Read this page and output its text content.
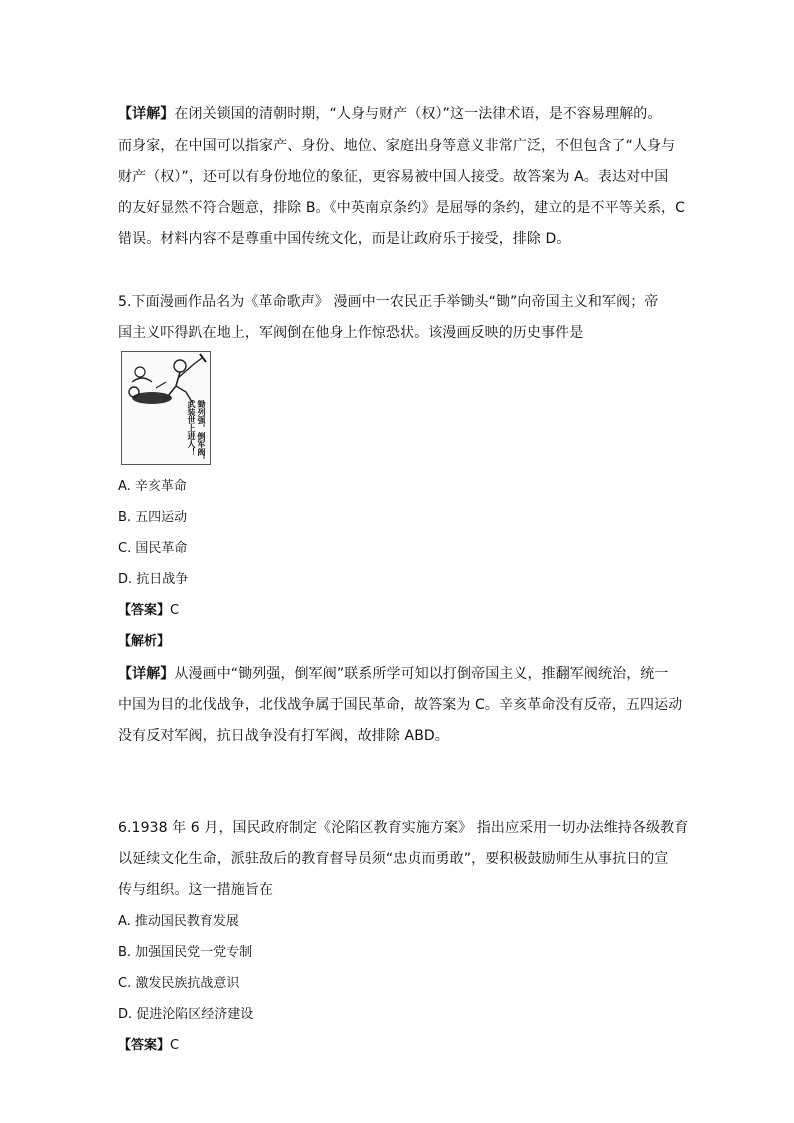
【详解】在闭关锁国的清朝时期，“人身与财产（权）”这一法律术语，是不容易理解的。
而身家，在中国可以指家产、身份、地位、家庭出身等意义非常广泛，不但包含了“人身与
财产（权）”，还可以有身份地位的象征，更容易被中国人接受。故答案为 A。表达对中国
的友好显然不符合题意，排除 B。《中英南京条约》是屈辱的条约，建立的是不平等关系，C
错误。材料内容不是尊重中国传统文化，而是让政府乐于接受，排除 D。
5.下面漫画作品名为《革命歌声》 漫画中一农民正手举锄头“锄”向帝国主义和军阀；帝
国主义吓得趴在地上，军阀倒在他身上作惊恐状。该漫画反映的历史事件是
阀
锄列强，倒军阀，武装世上进人！
A. 辛亥革命
B. 五四运动
C. 国民革命
D. 抗日战争
【答案】C
【解析】
【详解】从漫画中“锄列强，倒军阀”联系所学可知以打倒帝国主义，推翻军阀统治，统一
中国为目的北伐战争，北伐战争属于国民革命，故答案为 C。辛亥革命没有反帝，五四运动
没有反对军阀，抗日战争没有打军阀，故排除 ABD。
6.1938 年 6 月，国民政府制定《沦陷区教育实施方案》 指出应采用一切办法维持各级教育
以延续文化生命，派驻敌后的教育督导员须“忠贞而勇敢”，要积极鼓励师生从事抗日的宣
传与组织。这一措施旨在
A. 推动国民教育发展
B. 加强国民党一党专制
C. 激发民族抗战意识
D. 促进沦陷区经济建设
【答案】C
